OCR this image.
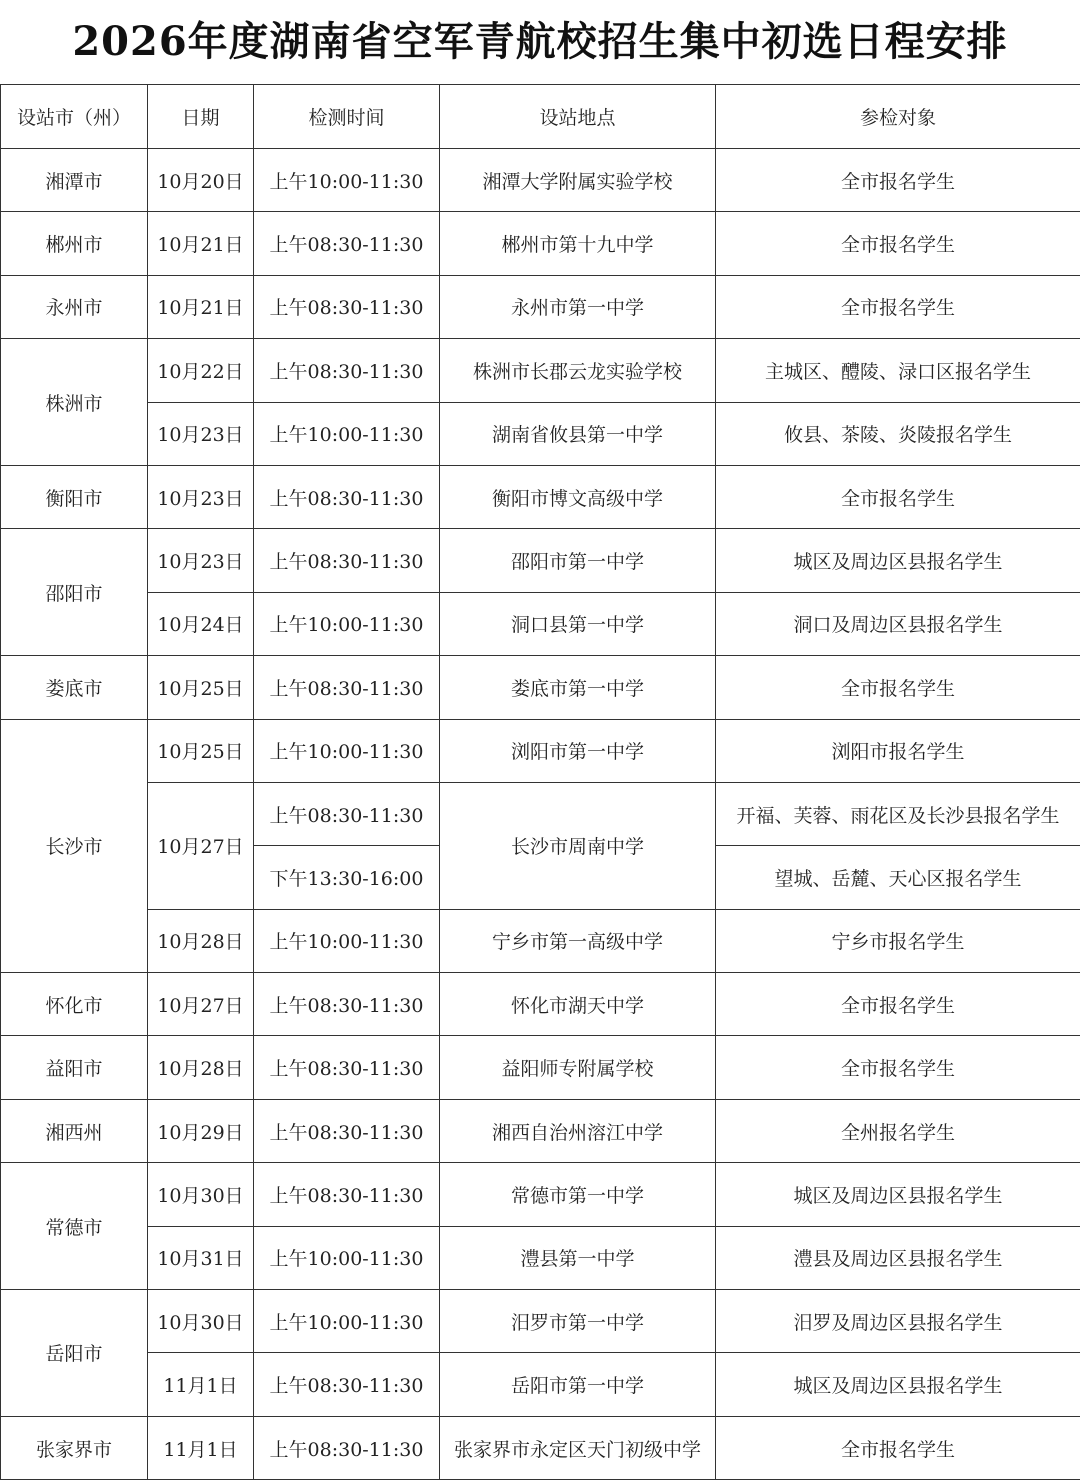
2026年度湖南省空军青航校招生集中初选日程安排
设站市（州）	日期	检测时间	设站地点	参检对象
湘潭市	10月20日	上午10:00-11:30	湘潭大学附属实验学校	全市报名学生
郴州市	10月21日	上午08:30-11:30	郴州市第十九中学	全市报名学生
永州市	10月21日	上午08:30-11:30	永州市第一中学	全市报名学生
株洲市	10月22日	上午08:30-11:30	株洲市长郡云龙实验学校	主城区、醴陵、渌口区报名学生
	10月23日	上午10:00-11:30	湖南省攸县第一中学	攸县、茶陵、炎陵报名学生
衡阳市	10月23日	上午08:30-11:30	衡阳市博文高级中学	全市报名学生
邵阳市	10月23日	上午08:30-11:30	邵阳市第一中学	城区及周边区县报名学生
	10月24日	上午10:00-11:30	洞口县第一中学	洞口及周边区县报名学生
娄底市	10月25日	上午08:30-11:30	娄底市第一中学	全市报名学生
长沙市	10月25日	上午10:00-11:30	浏阳市第一中学	浏阳市报名学生
	10月27日	上午08:30-11:30	长沙市周南中学	开福、芙蓉、雨花区及长沙县报名学生
		下午13:30-16:00		望城、岳麓、天心区报名学生
	10月28日	上午10:00-11:30	宁乡市第一高级中学	宁乡市报名学生
怀化市	10月27日	上午08:30-11:30	怀化市湖天中学	全市报名学生
益阳市	10月28日	上午08:30-11:30	益阳师专附属学校	全市报名学生
湘西州	10月29日	上午08:30-11:30	湘西自治州溶江中学	全州报名学生
常德市	10月30日	上午08:30-11:30	常德市第一中学	城区及周边区县报名学生
	10月31日	上午10:00-11:30	澧县第一中学	澧县及周边区县报名学生
岳阳市	10月30日	上午10:00-11:30	汨罗市第一中学	汨罗及周边区县报名学生
	11月1日	上午08:30-11:30	岳阳市第一中学	城区及周边区县报名学生
张家界市	11月1日	上午08:30-11:30	张家界市永定区天门初级中学	全市报名学生
